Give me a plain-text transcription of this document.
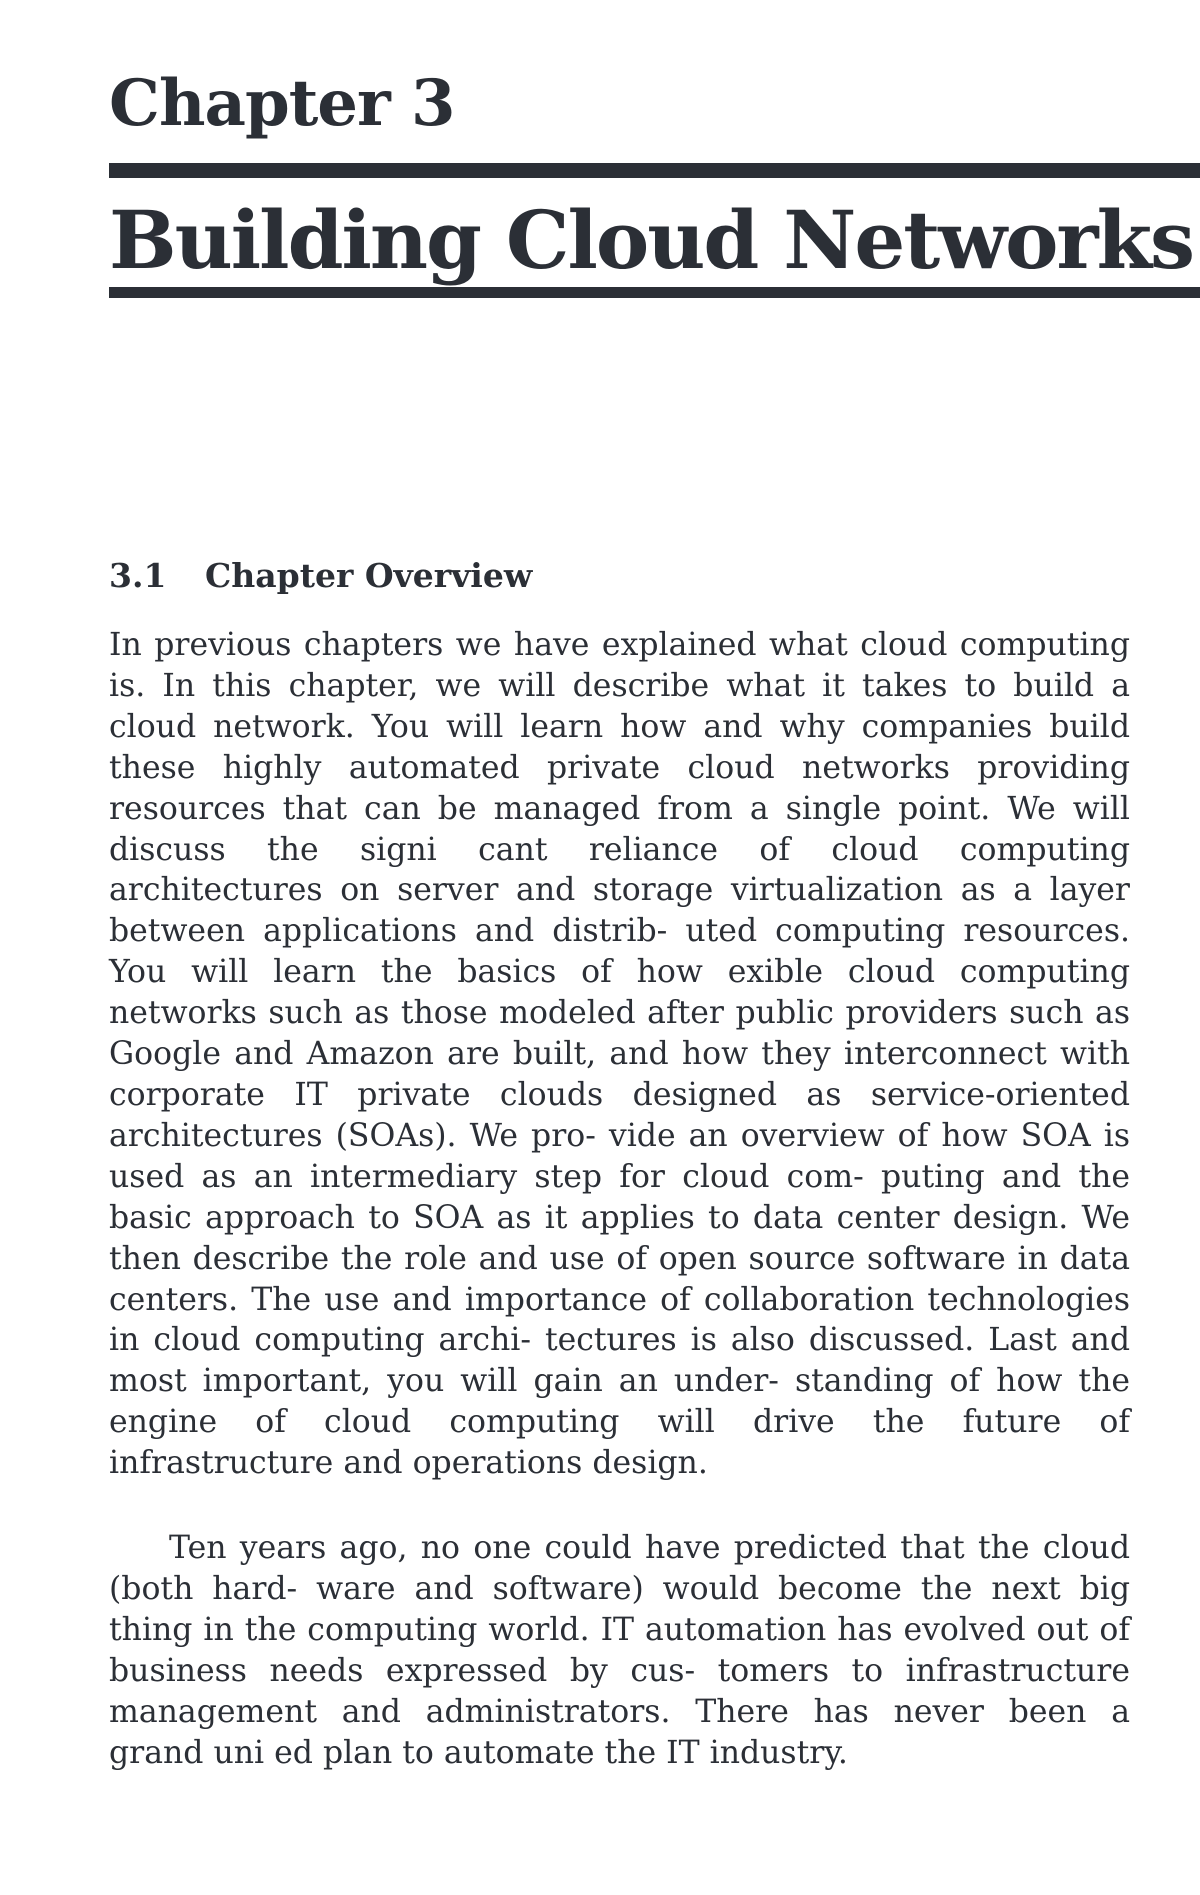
Chapter 3
Building Cloud Networks
3.1 Chapter Overview

In previous chapters we have explained what cloud computing is. In this chapter, we will describe what it takes to build a cloud network. You will learn how and why companies build these highly automated private cloud networks providing resources that can be managed from a single point. We will discuss the signi cant reliance of cloud computing architectures on server and storage virtualization as a layer between applications and distrib- uted computing resources. You will learn the basics of how exible cloud computing networks such as those modeled after public providers such as Google and Amazon are built, and how they interconnect with corporate IT private clouds designed as service-oriented architectures (SOAs). We pro- vide an overview of how SOA is used as an intermediary step for cloud com- puting and the basic approach to SOA as it applies to data center design. We then describe the role and use of open source software in data centers. The use and importance of collaboration technologies in cloud computing archi- tectures is also discussed. Last and most important, you will gain an under- standing of how the engine of cloud computing will drive the future of infrastructure and operations design.

Ten years ago, no one could have predicted that the cloud (both hard- ware and software) would become the next big thing in the computing world. IT automation has evolved out of business needs expressed by cus- tomers to infrastructure management and administrators. There has never been a grand uni ed plan to automate the IT industry.
